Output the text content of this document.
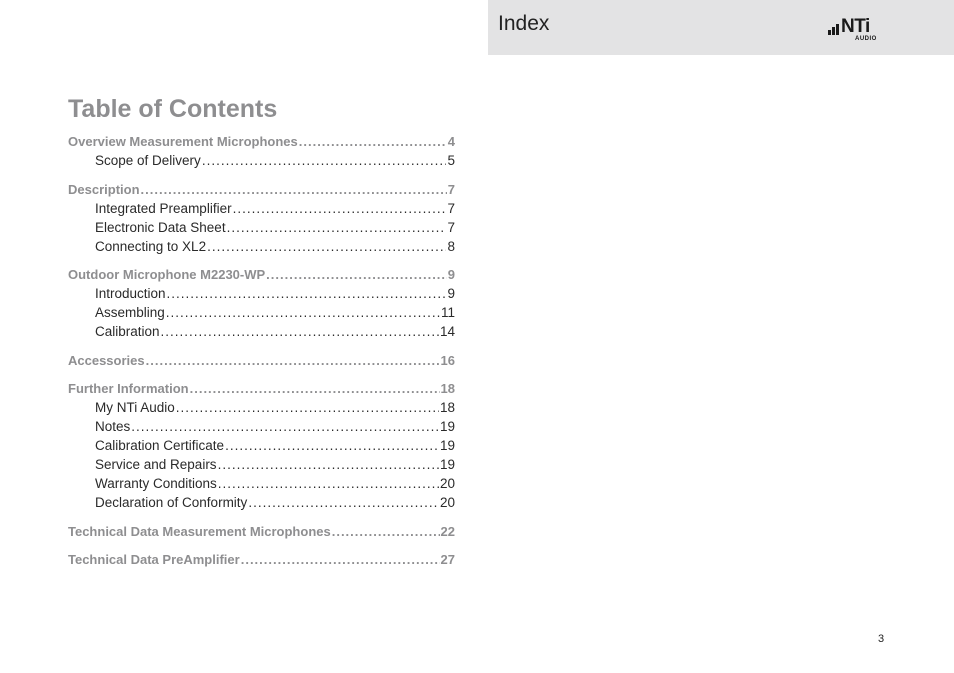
Index	NTi
AUDIO
Table of Contents
Overview Measurement Microphones .....	4
Scope of Delivery .....	5
Description .....	7
Integrated Preamplifier .....	7
Electronic Data Sheet .....	7
Connecting to XL2 .....	8
Outdoor Microphone M2230-WP .....	9
Introduction .....	9
Assembling .....	11
Calibration .....	14
Accessories .....	16
Further Information .....	18
My NTi Audio .....	18
Notes .....	19
Calibration Certificate .....	19
Service and Repairs .....	19
Warranty Conditions .....	20
Declaration of Conformity .....	20
Technical Data Measurement Microphones .....	22
Technical Data PreAmplifier .....	27
3
